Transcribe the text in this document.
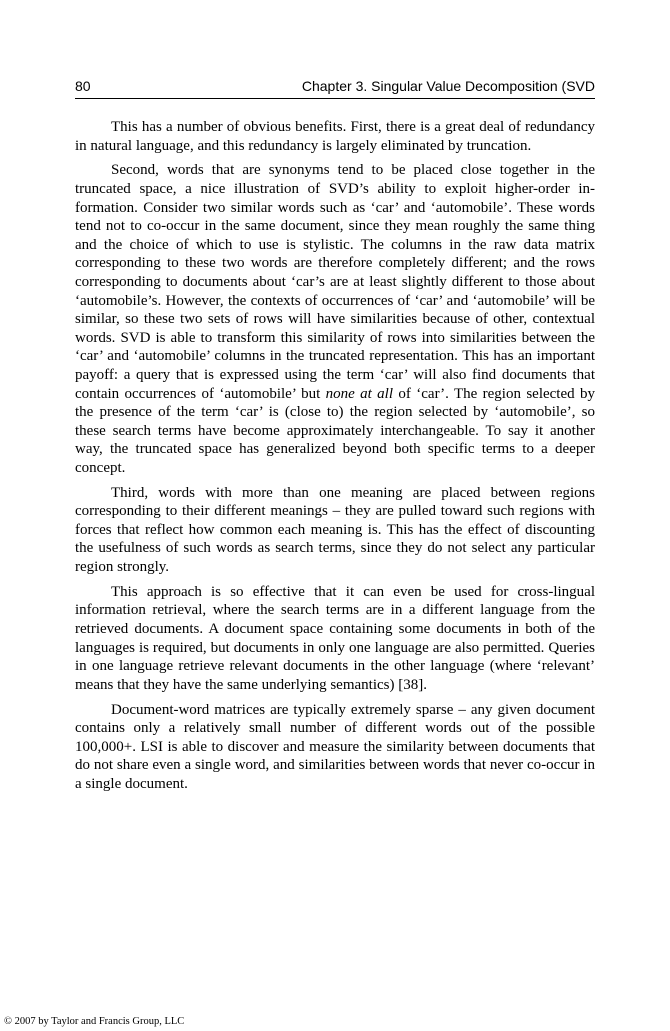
80	Chapter 3. Singular Value Decomposition (SVD

This has a number of obvious benefits. First, there is a great deal of redundancy in natural language, and this redundancy is largely eliminated by truncation.

Second, words that are synonyms tend to be placed close together in the truncated space, a nice illustration of SVD’s ability to exploit higher-order information. Consider two similar words such as ‘car’ and ‘automobile’. These words tend not to co-occur in the same document, since they mean roughly the same thing and the choice of which to use is stylistic. The columns in the raw data matrix corresponding to these two words are therefore completely different; and the rows corresponding to documents about ‘car’s are at least slightly different to those about ‘automobile’s. However, the contexts of occurrences of ‘car’ and ‘automobile’ will be similar, so these two sets of rows will have similarities because of other, contextual words. SVD is able to transform this similarity of rows into similarities between the ‘car’ and ‘automobile’ columns in the truncated representation. This has an important payoff: a query that is expressed using the term ‘car’ will also find documents that contain occurrences of ‘automobile’ but none at all of ‘car’. The region selected by the presence of the term ‘car’ is (close to) the region selected by ‘automobile’, so these search terms have become approximately interchangeable. To say it another way, the truncated space has generalized beyond both specific terms to a deeper concept.

Third, words with more than one meaning are placed between regions corresponding to their different meanings – they are pulled toward such regions with forces that reflect how common each meaning is. This has the effect of discounting the usefulness of such words as search terms, since they do not select any particular region strongly.

This approach is so effective that it can even be used for cross-lingual information retrieval, where the search terms are in a different language from the retrieved documents. A document space containing some documents in both of the languages is required, but documents in only one language are also permitted. Queries in one language retrieve relevant documents in the other language (where ‘relevant’ means that they have the same underlying semantics) [38].

Document-word matrices are typically extremely sparse – any given document contains only a relatively small number of different words out of the possible 100,000+. LSI is able to discover and measure the similarity between documents that do not share even a single word, and similarities between words that never co-occur in a single document.

© 2007 by Taylor and Francis Group, LLC
